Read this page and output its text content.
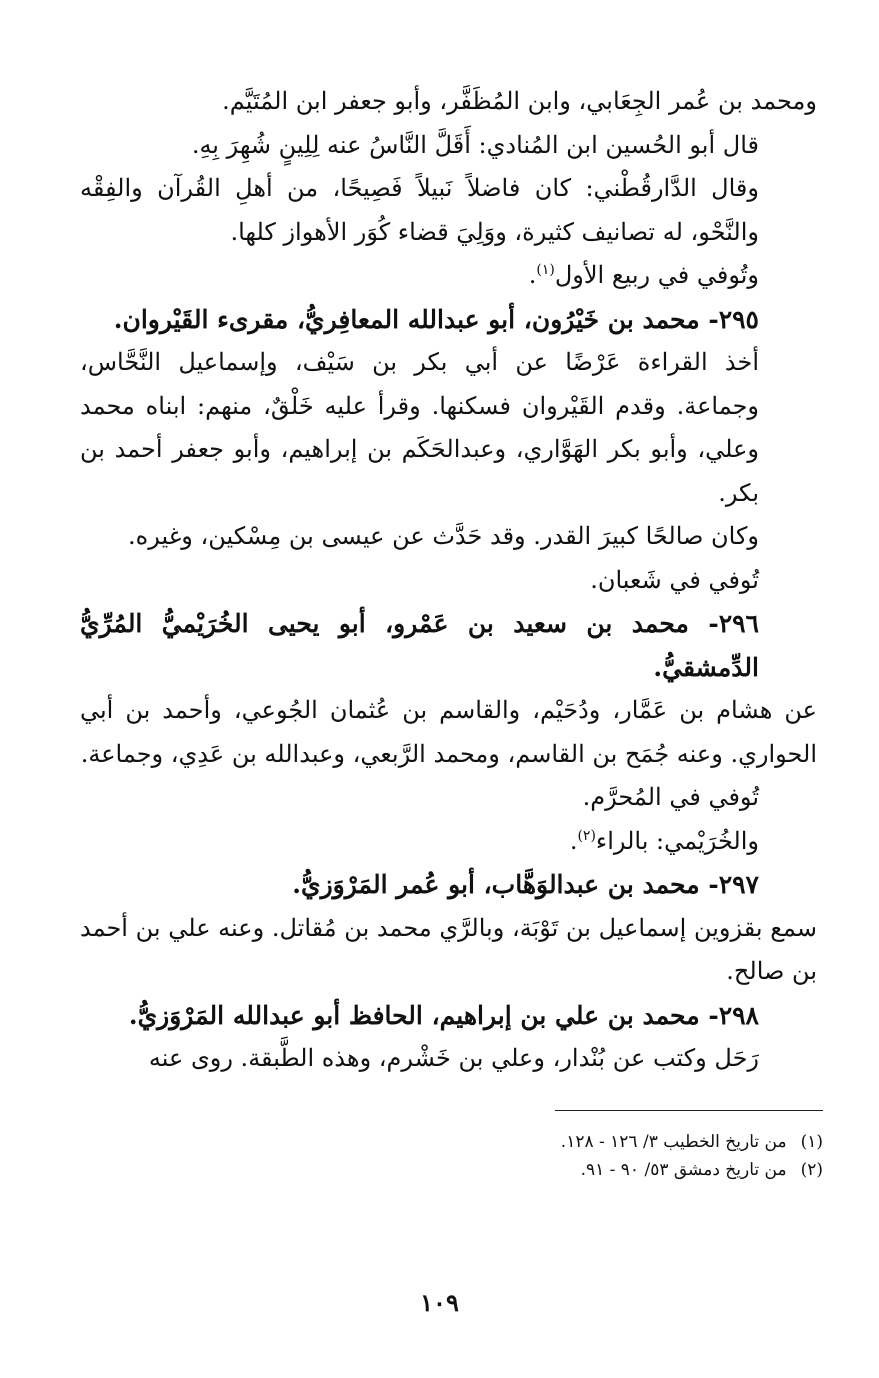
ومحمد بن عُمر الجِعَابي، وابن المُظَفَّر، وأبو جعفر ابن المُتَيَّم.

قال أبو الحُسين ابن المُنادي: أَقَلَّ النَّاسُ عنه لِلِينٍ شُهِرَ بِهِ.

وقال الدَّارقُطْني: كان فاضلاً نَبيلاً فَصِيحًا، من أهلِ القُرآن والفِقْه والنَّحْو، له تصانيف كثيرة، ووَلِيَ قضاء كُوَر الأهواز كلها.

وتُوفي في ربيع الأول$^{(١)}$.

٢٩٥- محمد بن خَيْرُون، أبو عبدالله المعافِريُّ، مقرىء القَيْروان.

أخذ القراءة عَرْضًا عن أبي بكر بن سَيْف، وإسماعيل النَّحَّاس، وجماعة. وقدم القَيْروان فسكنها. وقرأ عليه خَلْقٌ، منهم: ابناه محمد وعلي، وأبو بكر الهَوَّاري، وعبدالحَكَم بن إبراهيم، وأبو جعفر أحمد بن بكر.

وكان صالحًا كبيرَ القدر. وقد حَدَّث عن عيسى بن مِسْكين، وغيره.

تُوفي في شَعبان.

٢٩٦- محمد بن سعيد بن عَمْرو، أبو يحيى الخُرَيْميُّ المُرِّيُّ الدِّمشقيُّ.

عن هشام بن عَمَّار، ودُحَيْم، والقاسم بن عُثمان الجُوعي، وأحمد بن أبي الحواري. وعنه جُمَح بن القاسم، ومحمد الرَّبعي، وعبدالله بن عَدِي، وجماعة.

تُوفي في المُحرَّم.

والخُرَيْمي: بالراء$^{(٢)}$.

٢٩٧- محمد بن عبدالوَهَّاب، أبو عُمر المَرْوَزيُّ.

سمع بقزوين إسماعيل بن تَوْبَة، وبالرَّي محمد بن مُقاتل. وعنه علي بن أحمد بن صالح.

٢٩٨- محمد بن علي بن إبراهيم، الحافظ أبو عبدالله المَرْوَزيُّ.

رَحَل وكتب عن بُنْدار، وعلي بن خَشْرم، وهذه الطَّبقة. روى عنه

(١)من تاريخ الخطيب ٣/ ١٢٦ - ١٢٨.

(٢)من تاريخ دمشق ٥٣/ ٩٠ - ٩١.

١٠٩
